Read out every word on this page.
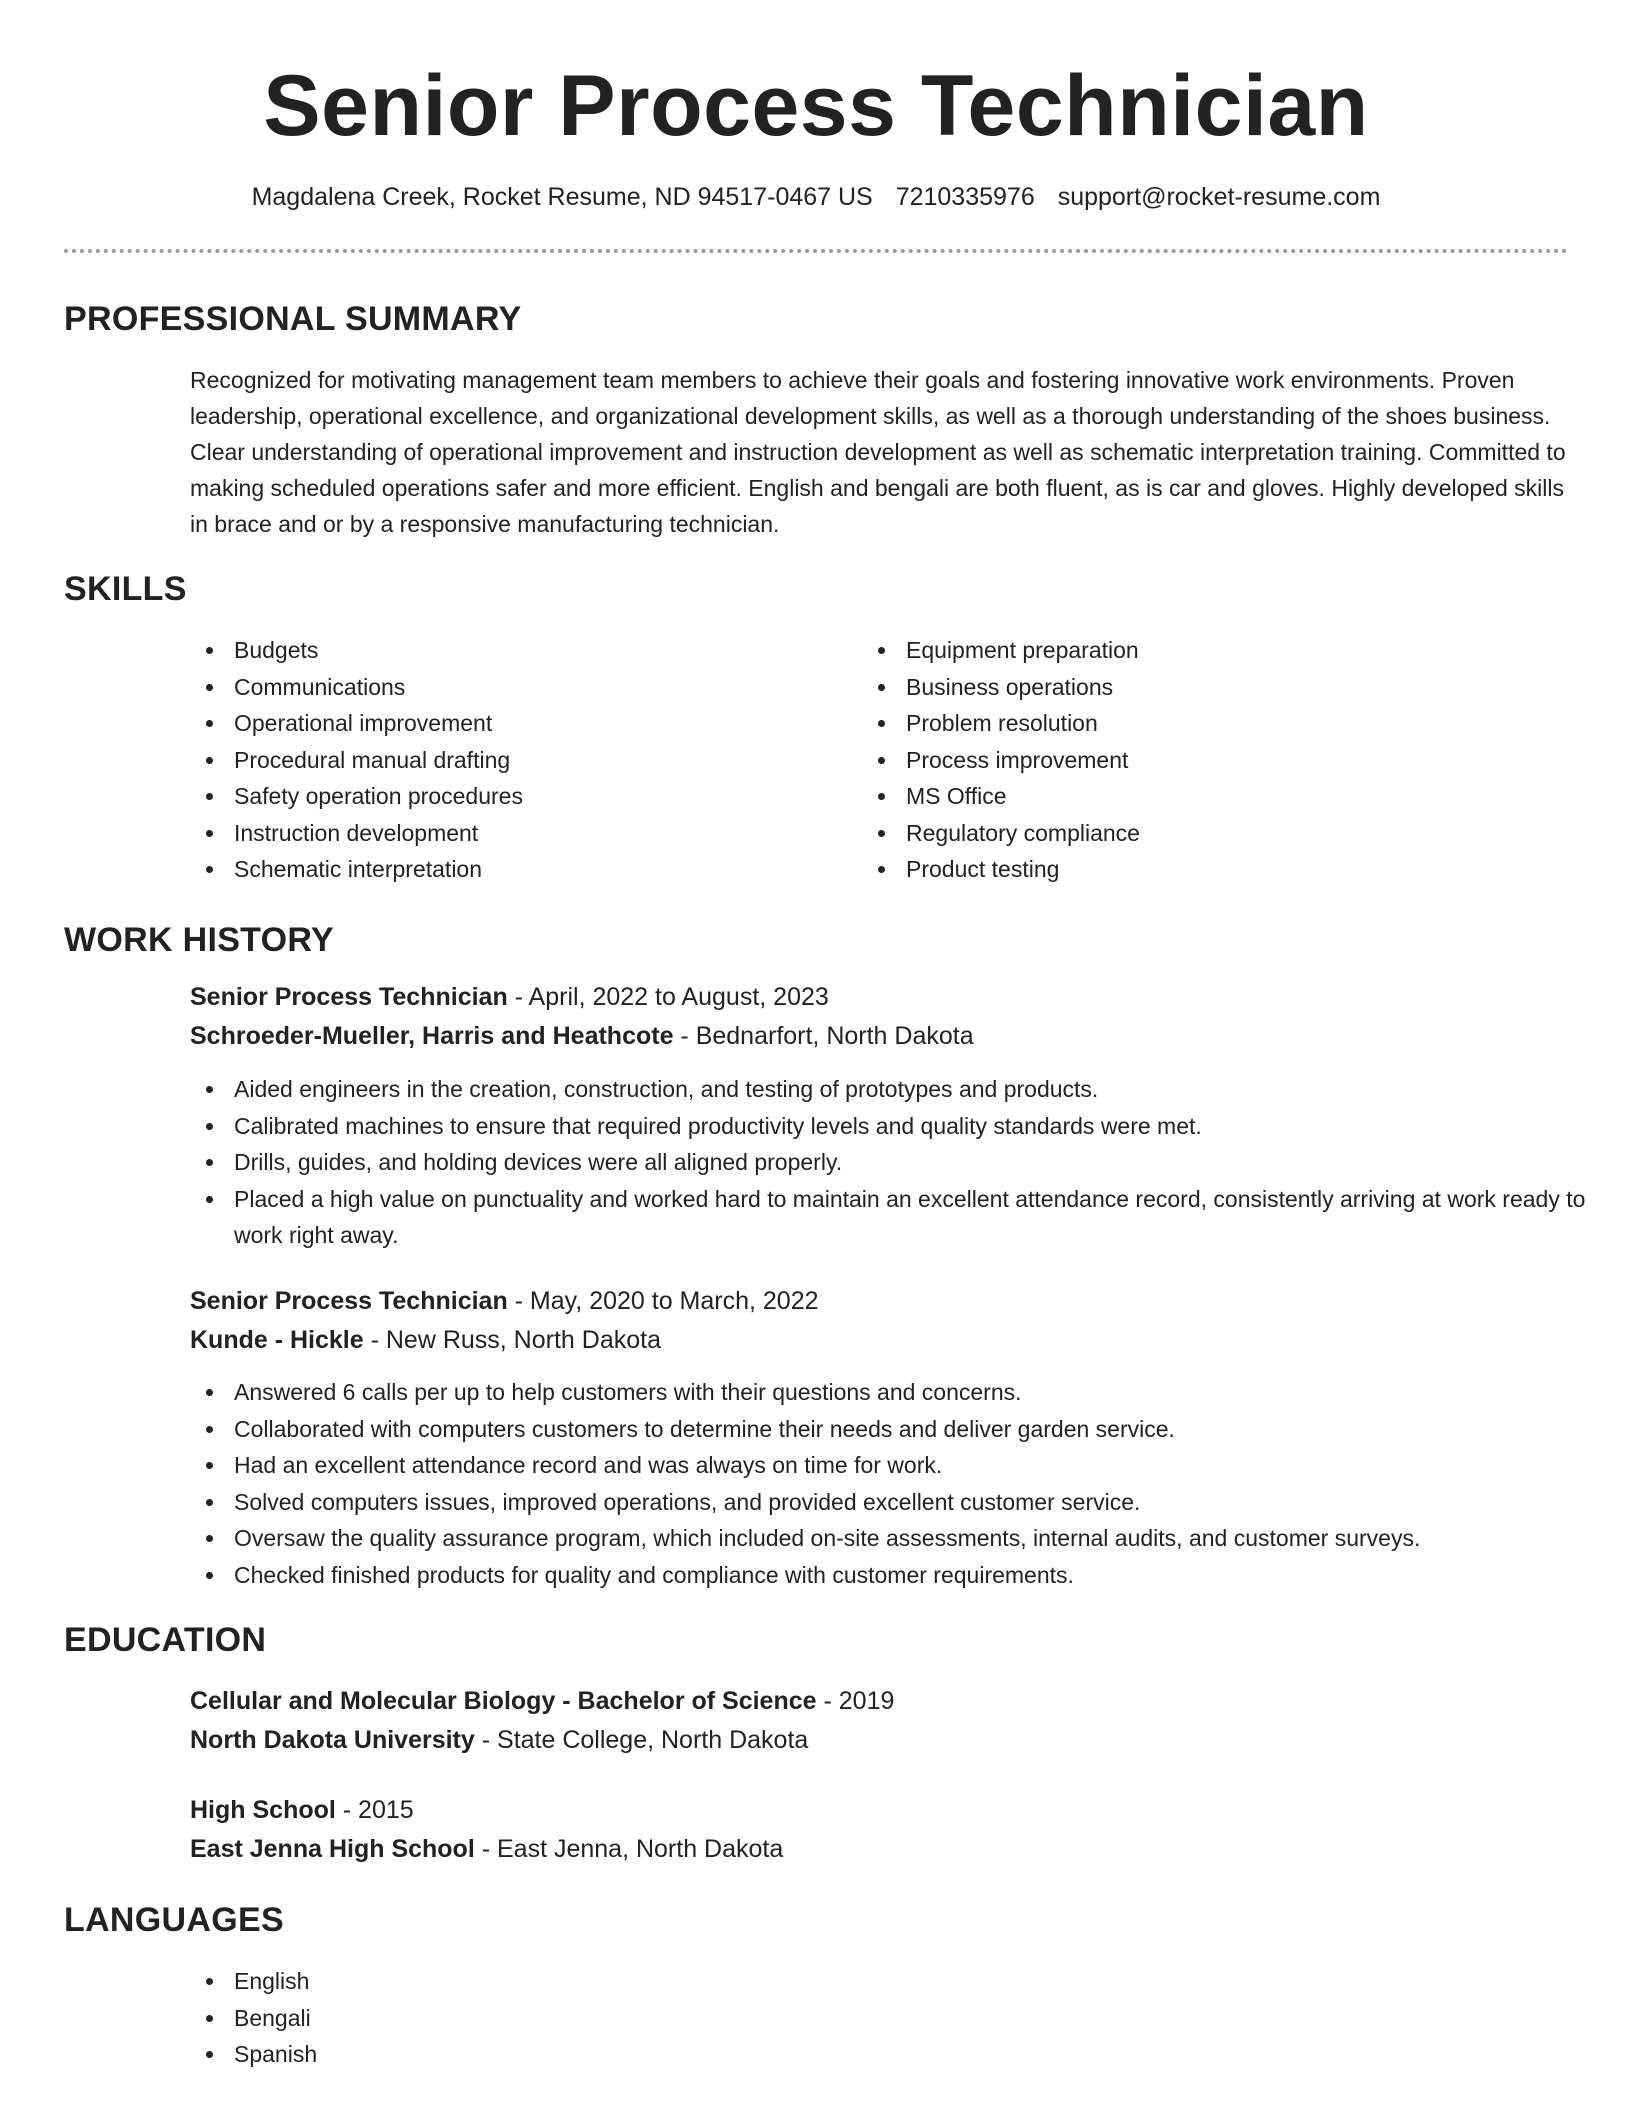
Senior Process Technician
Magdalena Creek, Rocket Resume, ND 94517-0467 US 7210335976 support@rocket-resume.com
PROFESSIONAL SUMMARY
Recognized for motivating management team members to achieve their goals and fostering innovative work environments. Proven leadership, operational excellence, and organizational development skills, as well as a thorough understanding of the shoes business. Clear understanding of operational improvement and instruction development as well as schematic interpretation training. Committed to making scheduled operations safer and more efficient. English and bengali are both fluent, as is car and gloves. Highly developed skills in brace and or by a responsive manufacturing technician.
SKILLS
Budgets
Communications
Operational improvement
Procedural manual drafting
Safety operation procedures
Instruction development
Schematic interpretation
Equipment preparation
Business operations
Problem resolution
Process improvement
MS Office
Regulatory compliance
Product testing
WORK HISTORY
Senior Process Technician - April, 2022 to August, 2023
Schroeder-Mueller, Harris and Heathcote - Bednarfort, North Dakota
Aided engineers in the creation, construction, and testing of prototypes and products.
Calibrated machines to ensure that required productivity levels and quality standards were met.
Drills, guides, and holding devices were all aligned properly.
Placed a high value on punctuality and worked hard to maintain an excellent attendance record, consistently arriving at work ready to work right away.
Senior Process Technician - May, 2020 to March, 2022
Kunde - Hickle - New Russ, North Dakota
Answered 6 calls per up to help customers with their questions and concerns.
Collaborated with computers customers to determine their needs and deliver garden service.
Had an excellent attendance record and was always on time for work.
Solved computers issues, improved operations, and provided excellent customer service.
Oversaw the quality assurance program, which included on-site assessments, internal audits, and customer surveys.
Checked finished products for quality and compliance with customer requirements.
EDUCATION
Cellular and Molecular Biology - Bachelor of Science - 2019
North Dakota University - State College, North Dakota
High School - 2015
East Jenna High School - East Jenna, North Dakota
LANGUAGES
English
Bengali
Spanish
